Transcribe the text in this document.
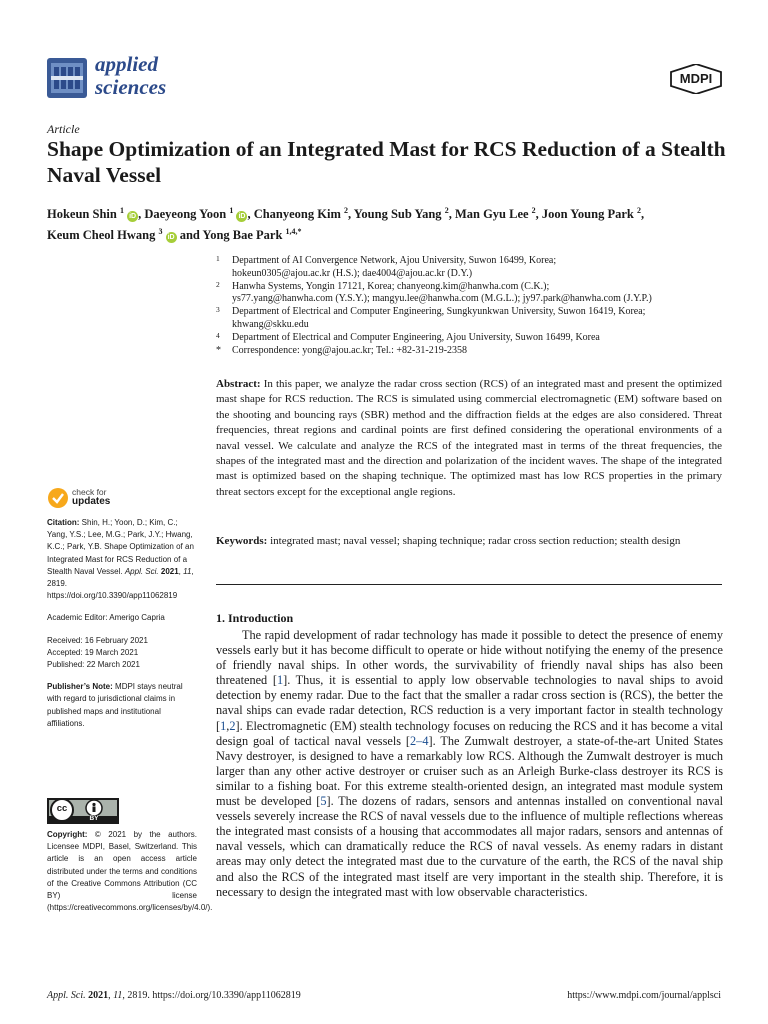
applied
sciences	MDPI
Article
Shape Optimization of an Integrated Mast for RCS Reduction of a Stealth Naval Vessel
Hokeun Shin $^1$ iD , Daeyeong Yoon $^1$ iD , Chanyeong Kim $^2$, Young Sub Yang $^2$, Man Gyu Lee $^2$, Joon Young Park $^2$,
Keum Cheol Hwang $^3$ iD and Yong Bae Park $^{1,4,*}$
1 Department of AI Convergence Network, Ajou University, Suwon 16499, Korea;
hokeun0305@ajou.ac.kr (H.S.); dae4004@ajou.ac.kr (D.Y.)
2 Hanwha Systems, Yongin 17121, Korea; chanyeong.kim@hanwha.com (C.K.);
ys77.yang@hanwha.com (Y.S.Y.); mangyu.lee@hanwha.com (M.G.L.); jy97.park@hanwha.com (J.Y.P.)
3 Department of Electrical and Computer Engineering, Sungkyunkwan University, Suwon 16419, Korea;
khwang@skku.edu
4 Department of Electrical and Computer Engineering, Ajou University, Suwon 16499, Korea
* Correspondence: yong@ajou.ac.kr; Tel.: +82-31-219-2358
Abstract: In this paper, we analyze the radar cross section (RCS) of an integrated mast and present the optimized mast shape for RCS reduction. The RCS is simulated using commercial electromagnetic (EM) software based on the shooting and bouncing rays (SBR) method and the diffraction fields at the edges are also considered. Threat frequencies, threat regions and cardinal points are first defined considering the operational environments of a naval vessel. We calculate and analyze the RCS of the integrated mast in terms of the threat frequencies, the shapes of the integrated mast and the direction and polarization of the incident waves. The shape of the integrated mast is optimized based on the shaping technique. The optimized mast has low RCS properties in the primary threat sectors except for the exceptional angle regions.
Keywords: integrated mast; naval vessel; shaping technique; radar cross section reduction; stealth design
check for
updates
Citation: Shin, H.; Yoon, D.; Kim, C.; Yang, Y.S.; Lee, M.G.; Park, J.Y.; Hwang, K.C.; Park, Y.B. Shape Optimization of an Integrated Mast for RCS Reduction of a Stealth Naval Vessel. Appl. Sci. 2021, 11, 2819. https://doi.org/10.3390/app11062819
Academic Editor: Amerigo Capria
Received: 16 February 2021
Accepted: 19 March 2021
Published: 22 March 2021
Publisher’s Note: MDPI stays neutral with regard to jurisdictional claims in published maps and institutional affiliations.
cc
BY
Copyright: © 2021 by the authors. Licensee MDPI, Basel, Switzerland. This article is an open access article distributed under the terms and conditions of the Creative Commons Attribution (CC BY) license (https://creativecommons.org/licenses/by/4.0/).
1. Introduction

The rapid development of radar technology has made it possible to detect the presence of enemy vessels early but it has become difficult to operate or hide without notifying the enemy of the presence of friendly naval ships. In other words, the survivability of friendly naval ships has also been threatened [1]. Thus, it is essential to apply low observable technologies to naval ships to avoid detection by enemy radar. Due to the fact that the smaller a radar cross section is (RCS), the better the naval ships can evade radar detection, RCS reduction is a very important factor in stealth technology [1,2]. Electromagnetic (EM) stealth technology focuses on reducing the RCS and it has become a vital design goal of tactical naval vessels [2–4]. The Zumwalt destroyer, a state-of-the-art United States Navy destroyer, is designed to have a remarkably low RCS. Although the Zumwalt destroyer is much larger than any other active destroyer or cruiser such as an Arleigh Burke-class destroyer its RCS is similar to a fishing boat. For this extreme stealth-oriented design, an integrated mast module system must be developed [5]. The dozens of radars, sensors and antennas installed on conventional naval vessels severely increase the RCS of naval vessels due to the influence of multiple reflections whereas the integrated mast consists of a housing that accommodates all major radars, sensors and antennas of naval vessels, which can dramatically reduce the RCS of naval vessels. As enemy radars in distant areas may only detect the integrated mast due to the curvature of the earth, the RCS of the naval ship and also the RCS of the integrated mast itself are very important in the stealth ship. Therefore, it is necessary to design the integrated mast with low observable characteristics.

Appl. Sci. 2021, 11, 2819. https://doi.org/10.3390/app11062819	https://www.mdpi.com/journal/applsci
